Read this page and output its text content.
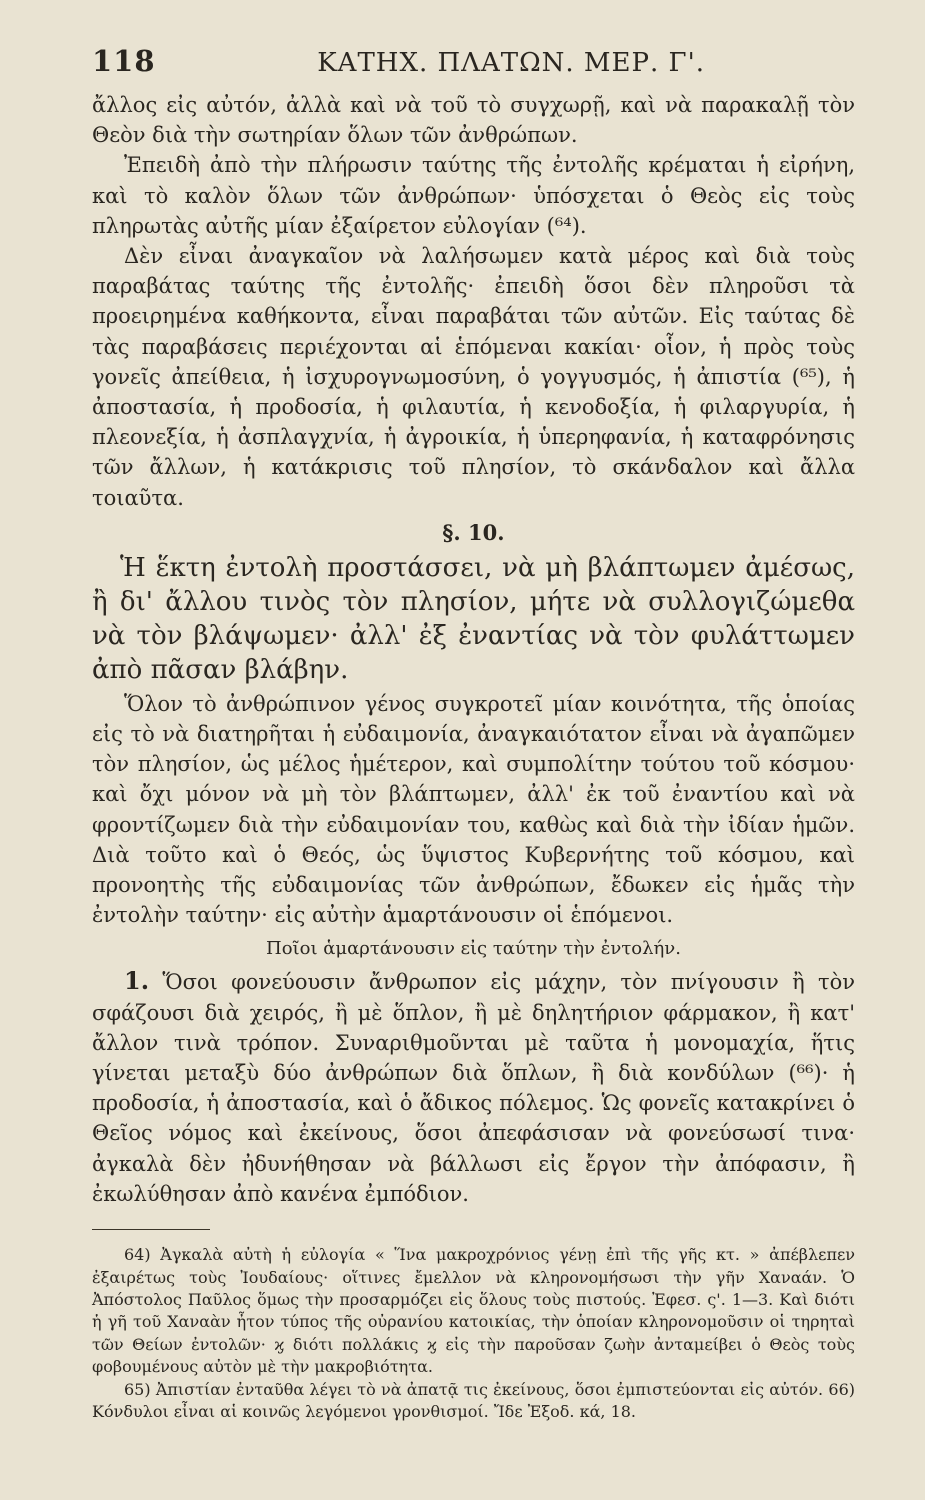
118	ΚΑΤΗΧ. ΠΛΑΤΩΝ. ΜΕΡ. Γ'.

ἄλλος εἰς αὐτόν, ἀλλὰ καὶ νὰ τοῦ τὸ συγχωρῇ, καὶ νὰ παρακαλῇ τὸν Θεὸν διὰ τὴν σωτηρίαν ὅλων τῶν ἀνθρώπων.

Ἐπειδὴ ἀπὸ τὴν πλήρωσιν ταύτης τῆς ἐντολῆς κρέμαται ἡ εἰρήνη, καὶ τὸ καλὸν ὅλων τῶν ἀνθρώπων· ὑπόσχεται ὁ Θεὸς εἰς τοὺς πληρωτὰς αὐτῆς μίαν ἐξαίρετον εὐλογίαν (⁶⁴).

Δὲν εἶναι ἀναγκαῖον νὰ λαλήσωμεν κατὰ μέρος καὶ διὰ τοὺς παραβάτας ταύτης τῆς ἐντολῆς· ἐπειδὴ ὅσοι δὲν πληροῦσι τὰ προειρημένα καθήκοντα, εἶναι παραβάται τῶν αὐτῶν. Εἰς ταύτας δὲ τὰς παραβάσεις περιέχονται αἱ ἑπόμεναι κακίαι· οἷον, ἡ πρὸς τοὺς γονεῖς ἀπείθεια, ἡ ἰσχυρογνωμοσύνη, ὁ γογγυσμός, ἡ ἀπιστία (⁶⁵), ἡ ἀποστασία, ἡ προδοσία, ἡ φιλαυτία, ἡ κενοδοξία, ἡ φιλαργυρία, ἡ πλεονεξία, ἡ ἀσπλαγχνία, ἡ ἀγροικία, ἡ ὑπερηφανία, ἡ καταφρόνησις τῶν ἄλλων, ἡ κατάκρισις τοῦ πλησίον, τὸ σκάνδαλον καὶ ἄλλα τοιαῦτα.

§. 10.

Ἡ ἕκτη ἐντολὴ προστάσσει, νὰ μὴ βλάπτωμεν ἀμέσως, ἢ δι' ἄλλου τινὸς τὸν πλησίον, μήτε νὰ συλλογιζώμεθα νὰ τὸν βλάψωμεν· ἀλλ' ἐξ ἐναντίας νὰ τὸν φυλάττωμεν ἀπὸ πᾶσαν βλάβην.

Ὅλον τὸ ἀνθρώπινον γένος συγκροτεῖ μίαν κοινότητα, τῆς ὁποίας εἰς τὸ νὰ διατηρῆται ἡ εὐδαιμονία, ἀναγκαιότατον εἶναι νὰ ἀγαπῶμεν τὸν πλησίον, ὡς μέλος ἡμέτερον, καὶ συμπολίτην τούτου τοῦ κόσμου· καὶ ὄχι μόνον νὰ μὴ τὸν βλάπτωμεν, ἀλλ' ἐκ τοῦ ἐναντίου καὶ νὰ φροντίζωμεν διὰ τὴν εὐδαιμονίαν του, καθὼς καὶ διὰ τὴν ἰδίαν ἡμῶν. Διὰ τοῦτο καὶ ὁ Θεός, ὡς ὕψιστος Κυβερνήτης τοῦ κόσμου, καὶ προνοητὴς τῆς εὐδαιμονίας τῶν ἀνθρώπων, ἔδωκεν εἰς ἡμᾶς τὴν ἐντολὴν ταύτην· εἰς αὐτὴν ἁμαρτάνουσιν οἱ ἑπόμενοι.

Ποῖοι ἁμαρτάνουσιν εἰς ταύτην τὴν ἐντολήν.

1. Ὅσοι φονεύουσιν ἄνθρωπον εἰς μάχην, τὸν πνίγουσιν ἢ τὸν σφάζουσι διὰ χειρός, ἢ μὲ ὅπλον, ἢ μὲ δηλητήριον φάρμακον, ἢ κατ' ἄλλον τινὰ τρόπον. Συναριθμοῦνται μὲ ταῦτα ἡ μονομαχία, ἥτις γίνεται μεταξὺ δύο ἀνθρώπων διὰ ὅπλων, ἢ διὰ κονδύλων (⁶⁶)· ἡ προδοσία, ἡ ἀποστασία, καὶ ὁ ἄδικος πόλεμος. Ὡς φονεῖς κατακρίνει ὁ Θεῖος νόμος καὶ ἐκείνους, ὅσοι ἀπεφάσισαν νὰ φονεύσωσί τινα· ἀγκαλὰ δὲν ἠδυνήθησαν νὰ βάλλωσι εἰς ἔργον τὴν ἀπόφασιν, ἢ ἐκωλύθησαν ἀπὸ κανένα ἐμπόδιον.

64) Ἀγκαλὰ αὐτὴ ἡ εὐλογία « Ἵνα μακροχρόνιος γένῃ ἐπὶ τῆς γῆς κτ. » ἀπέβλεπεν ἐξαιρέτως τοὺς Ἰουδαίους· οἵτινες ἔμελλον νὰ κληρονομήσωσι τὴν γῆν Χαναάν. Ὁ Ἀπόστολος Παῦλος ὅμως τὴν προσαρμόζει εἰς ὅλους τοὺς πιστούς. Ἐφεσ. ς'. 1—3. Καὶ διότι ἡ γῆ τοῦ Χαναὰν ἦτον τύπος τῆς οὐρανίου κατοικίας, τὴν ὁποίαν κληρονομοῦσιν οἱ τηρηταὶ τῶν Θείων ἐντολῶν· ϗ διότι πολλάκις ϗ εἰς τὴν παροῦσαν ζωὴν ἀνταμείβει ὁ Θεὸς τοὺς φοβουμένους αὐτὸν μὲ τὴν μακροβιότητα.

65) Ἀπιστίαν ἐνταῦθα λέγει τὸ νὰ ἀπατᾷ τις ἐκείνους, ὅσοι ἐμπιστεύονται εἰς αὐτόν. 66) Κόνδυλοι εἶναι αἱ κοινῶς λεγόμενοι γρονθισμοί. Ἴδε Ἐξοδ. κά, 18.
